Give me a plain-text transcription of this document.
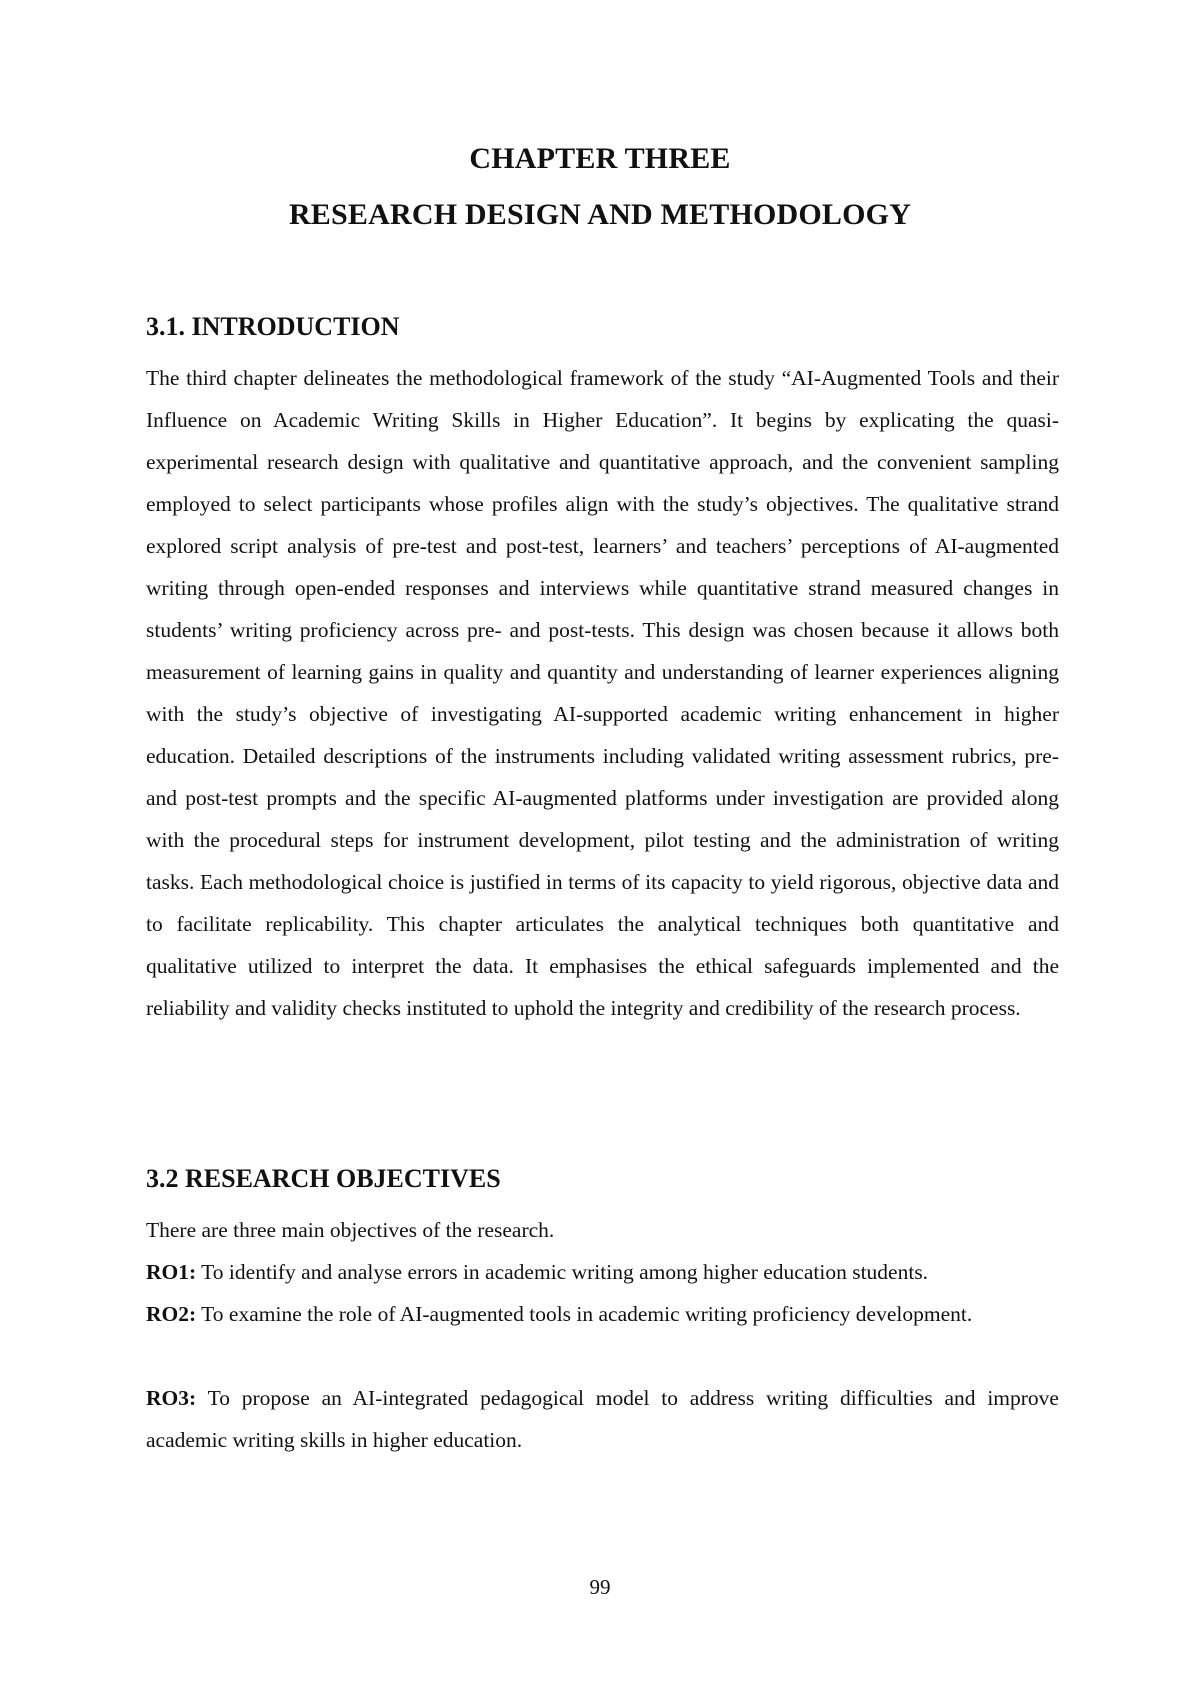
CHAPTER THREE
RESEARCH DESIGN AND METHODOLOGY
3.1. INTRODUCTION
The third chapter delineates the methodological framework of the study “AI-Augmented Tools and their Influence on Academic Writing Skills in Higher Education”. It begins by explicating the quasi-experimental research design with qualitative and quantitative approach, and the convenient sampling employed to select participants whose profiles align with the study’s objectives. The qualitative strand explored script analysis of pre-test and post-test, learners’ and teachers’ perceptions of AI-augmented writing through open-ended responses and interviews while quantitative strand measured changes in students’ writing proficiency across pre- and post-tests. This design was chosen because it allows both measurement of learning gains in quality and quantity and understanding of learner experiences aligning with the study’s objective of investigating AI-supported academic writing enhancement in higher education. Detailed descriptions of the instruments including validated writing assessment rubrics, pre- and post-test prompts and the specific AI-augmented platforms under investigation are provided along with the procedural steps for instrument development, pilot testing and the administration of writing tasks. Each methodological choice is justified in terms of its capacity to yield rigorous, objective data and to facilitate replicability. This chapter articulates the analytical techniques both quantitative and qualitative utilized to interpret the data. It emphasises the ethical safeguards implemented and the reliability and validity checks instituted to uphold the integrity and credibility of the research process.
3.2 RESEARCH OBJECTIVES
There are three main objectives of the research.
RO1: To identify and analyse errors in academic writing among higher education students.
RO2: To examine the role of AI-augmented tools in academic writing proficiency development.
RO3: To propose an AI-integrated pedagogical model to address writing difficulties and improve academic writing skills in higher education.
99
